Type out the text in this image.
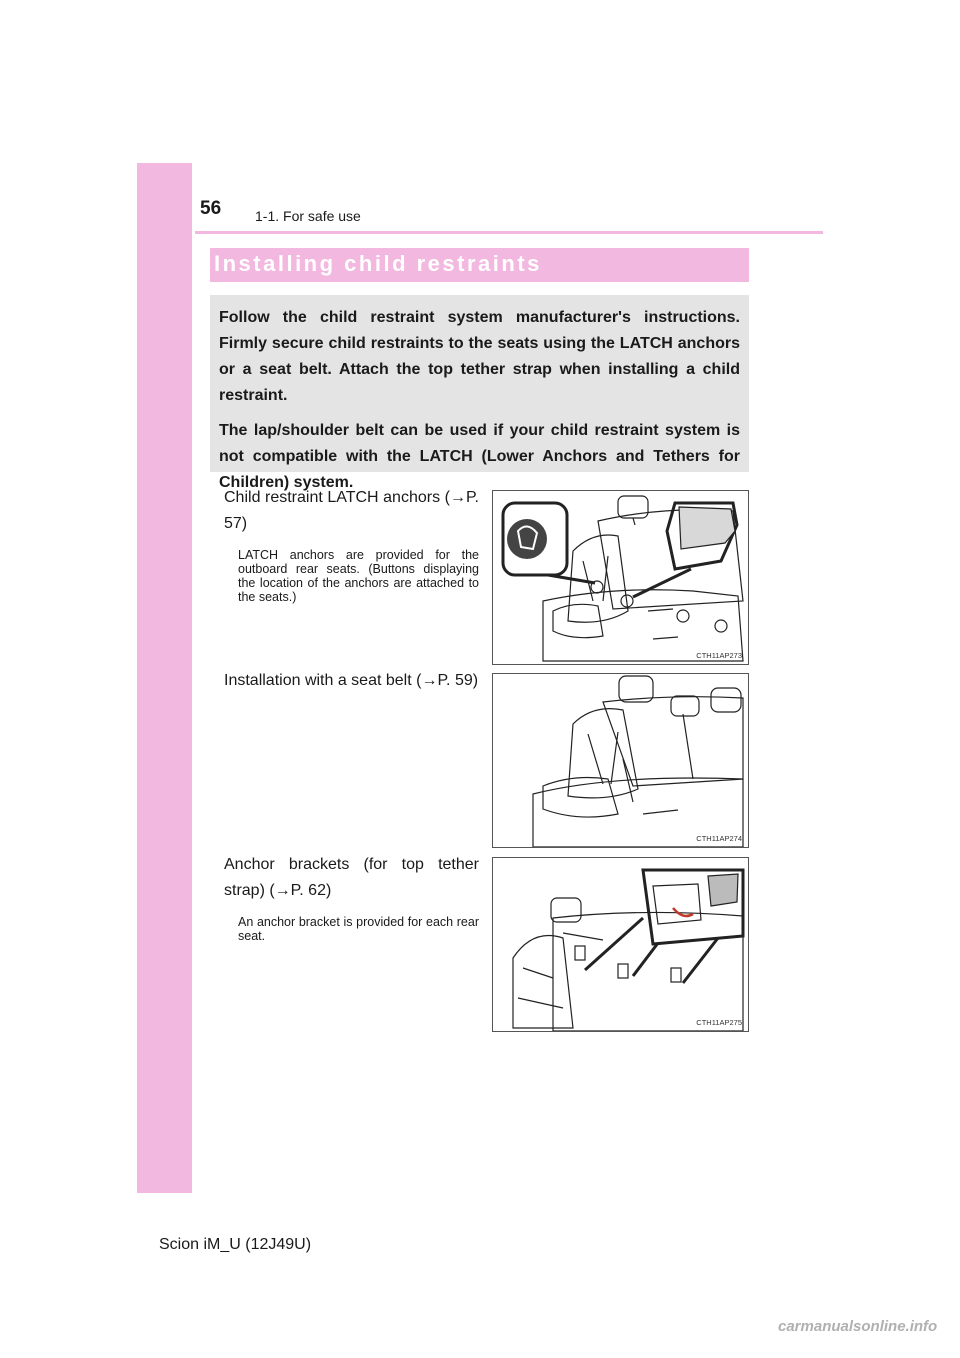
56 1-1. For safe use
Installing child restraints

Follow the child restraint system manufacturer's instructions. Firmly secure child restraints to the seats using the LATCH anchors or a seat belt. Attach the top tether strap when installing a child restraint.

The lap/shoulder belt can be used if your child restraint system is not compatible with the LATCH (Lower Anchors and Tethers for Children) system.

Child restraint LATCH anchors (→P. 57)

LATCH anchors are provided for the outboard rear seats. (Buttons displaying the location of the anchors are attached to the seats.)

CTH11AP273

Installation with a seat belt (→P. 59)

CTH11AP274

Anchor brackets (for top tether strap) (→P. 62)

An anchor bracket is provided for each rear seat.

CTH11AP275
Scion iM_U (12J49U)
carmanualsonline.info
